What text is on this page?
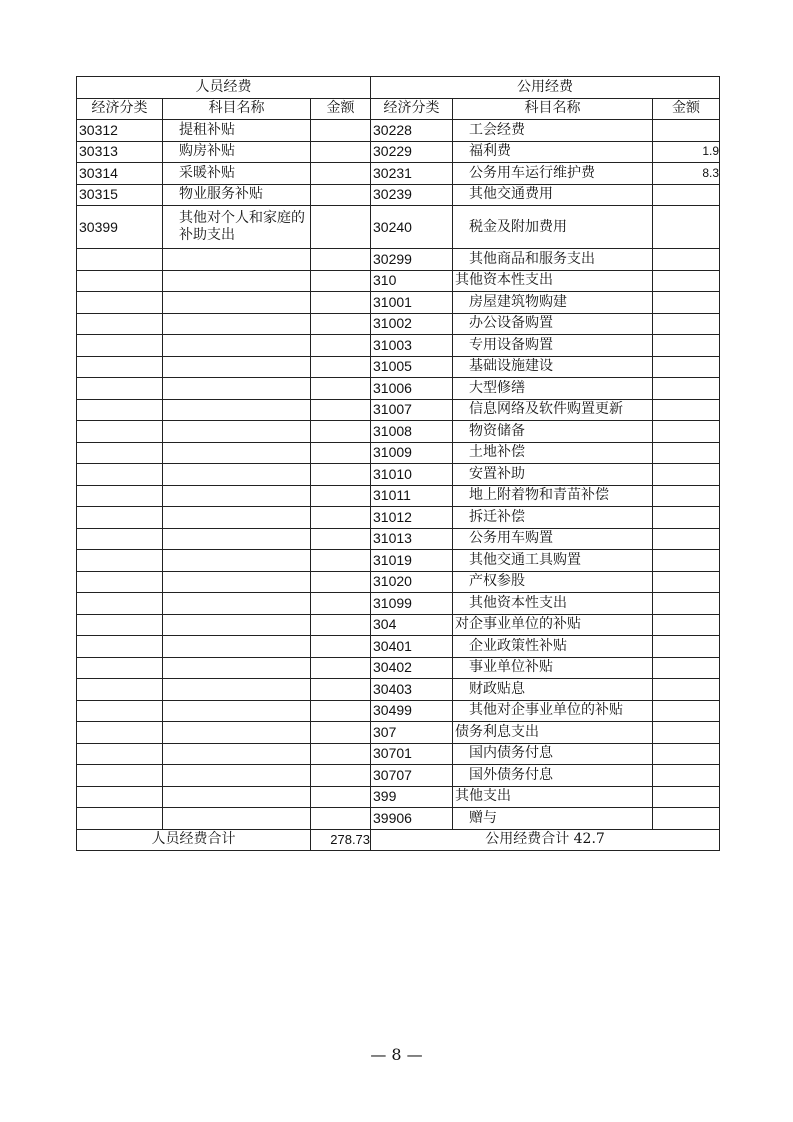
人员经费			公用经费		
经济分类	科目名称	金额	经济分类	科目名称	金额
30312	提租补贴		30228	工会经费	
30313	购房补贴		30229	福利费	1.9
30314	采暖补贴		30231	公务用车运行维护费	8.3
30315	物业服务补贴		30239	其他交通费用	
30399	其他对个人和家庭的补助支出		30240	税金及附加费用	
			30299	其他商品和服务支出	
			310	其他资本性支出	
			31001	房屋建筑物购建	
			31002	办公设备购置	
			31003	专用设备购置	
			31005	基础设施建设	
			31006	大型修缮	
			31007	信息网络及软件购置更新	
			31008	物资储备	
			31009	土地补偿	
			31010	安置补助	
			31011	地上附着物和青苗补偿	
			31012	拆迁补偿	
			31013	公务用车购置	
			31019	其他交通工具购置	
			31020	产权参股	
			31099	其他资本性支出	
			304	对企事业单位的补贴	
			30401	企业政策性补贴	
			30402	事业单位补贴	
			30403	财政贴息	
			30499	其他对企事业单位的补贴	
			307	债务利息支出	
			30701	国内债务付息	
			30707	国外债务付息	
			399	其他支出	
			39906	赠与	
人员经费合计		278.73	公用经费合计 42.7		
— 8 —
